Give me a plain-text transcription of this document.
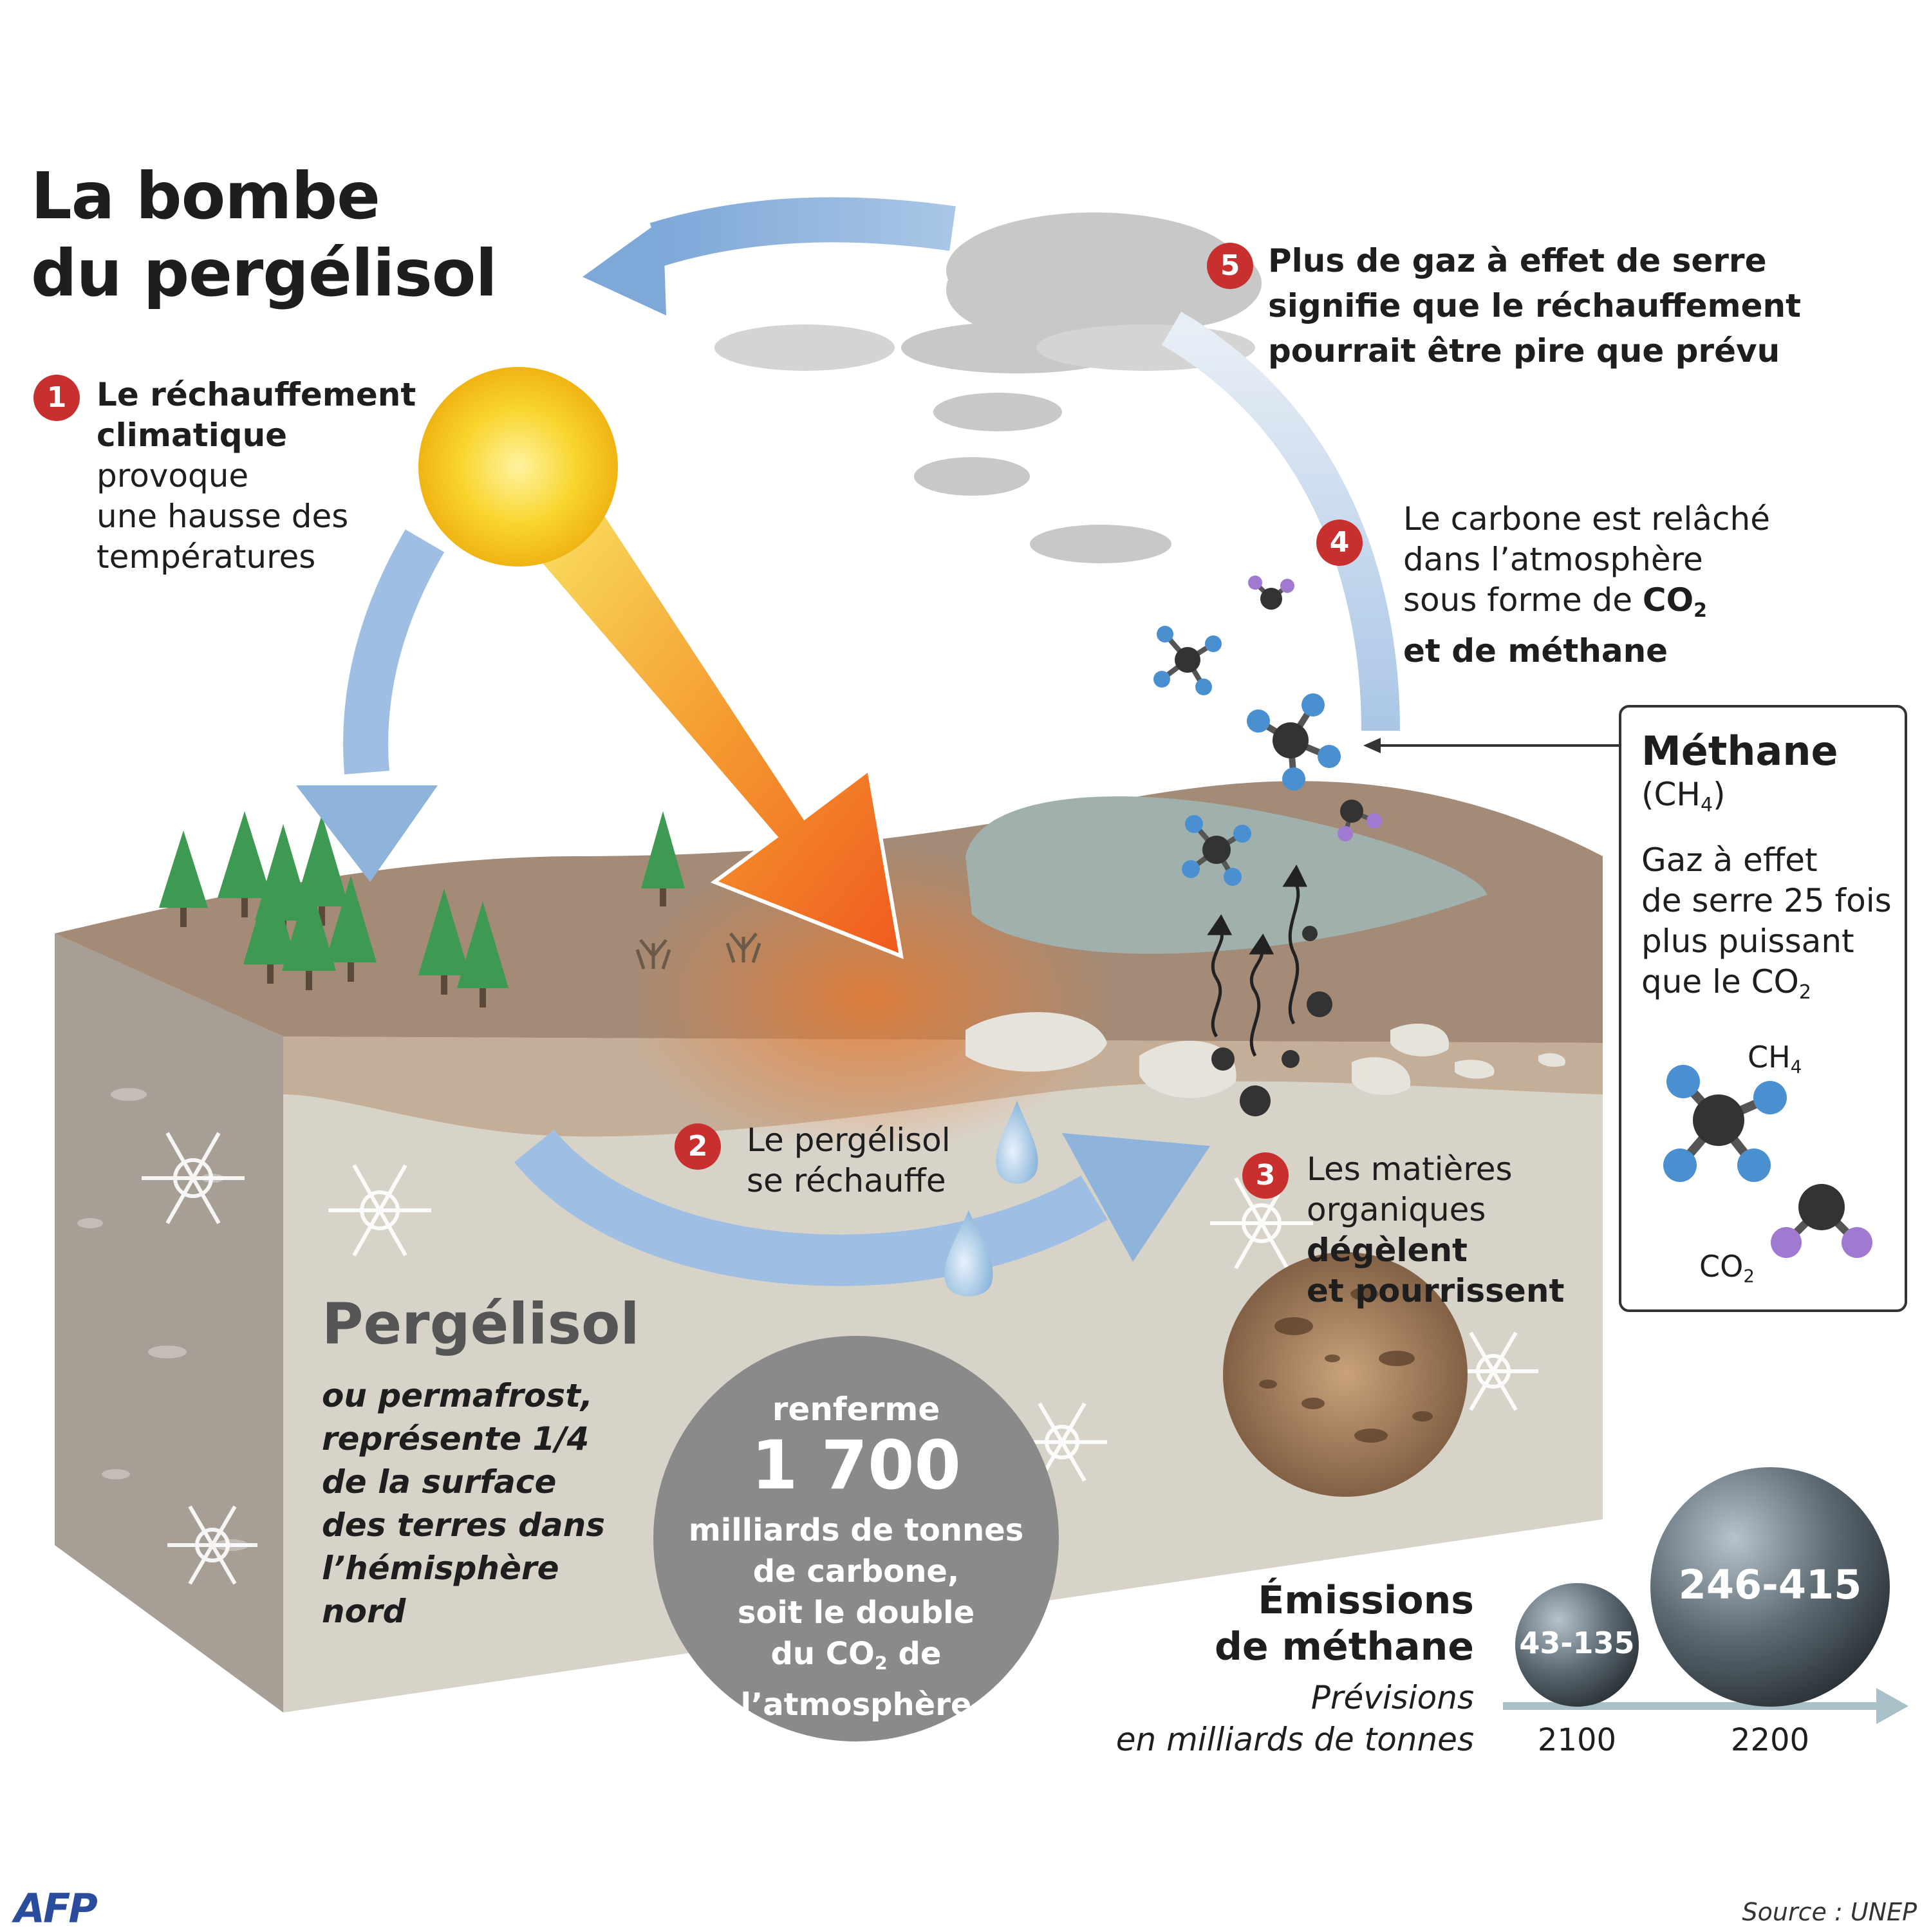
La bombe
du pergélisol
1 Le réchauffement
climatique
provoque
une hausse des
températures
2	Le pergélisol
se réchauffe	3 Les matières
organiques
dégèlent
et pourrissent
4
Le carbone est relâché
dans l’atmosphère
sous forme de $CO_2$
et de méthane
5 Plus de gaz à effet de serre
signifie que le réchauffement
pourrait être pire que prévu
Pergélisol
ou permafrost,
représente 1/4
de la surface
des terres dans
l’hémisphère
nord
renferme
1 700
milliards de tonnes
de carbone,
soit le double
du $CO_2$ de
l’atmosphère
Méthane
$(CH_4)$
Gaz à effet
de serre 25 fois
plus puissant
que le $CO_2$
$CH_4$
$CO_2$
Émissions
de méthane
Prévisions
en milliards de tonnes
43-135
246-415
2100	2200
AFP	Source : UNEP
